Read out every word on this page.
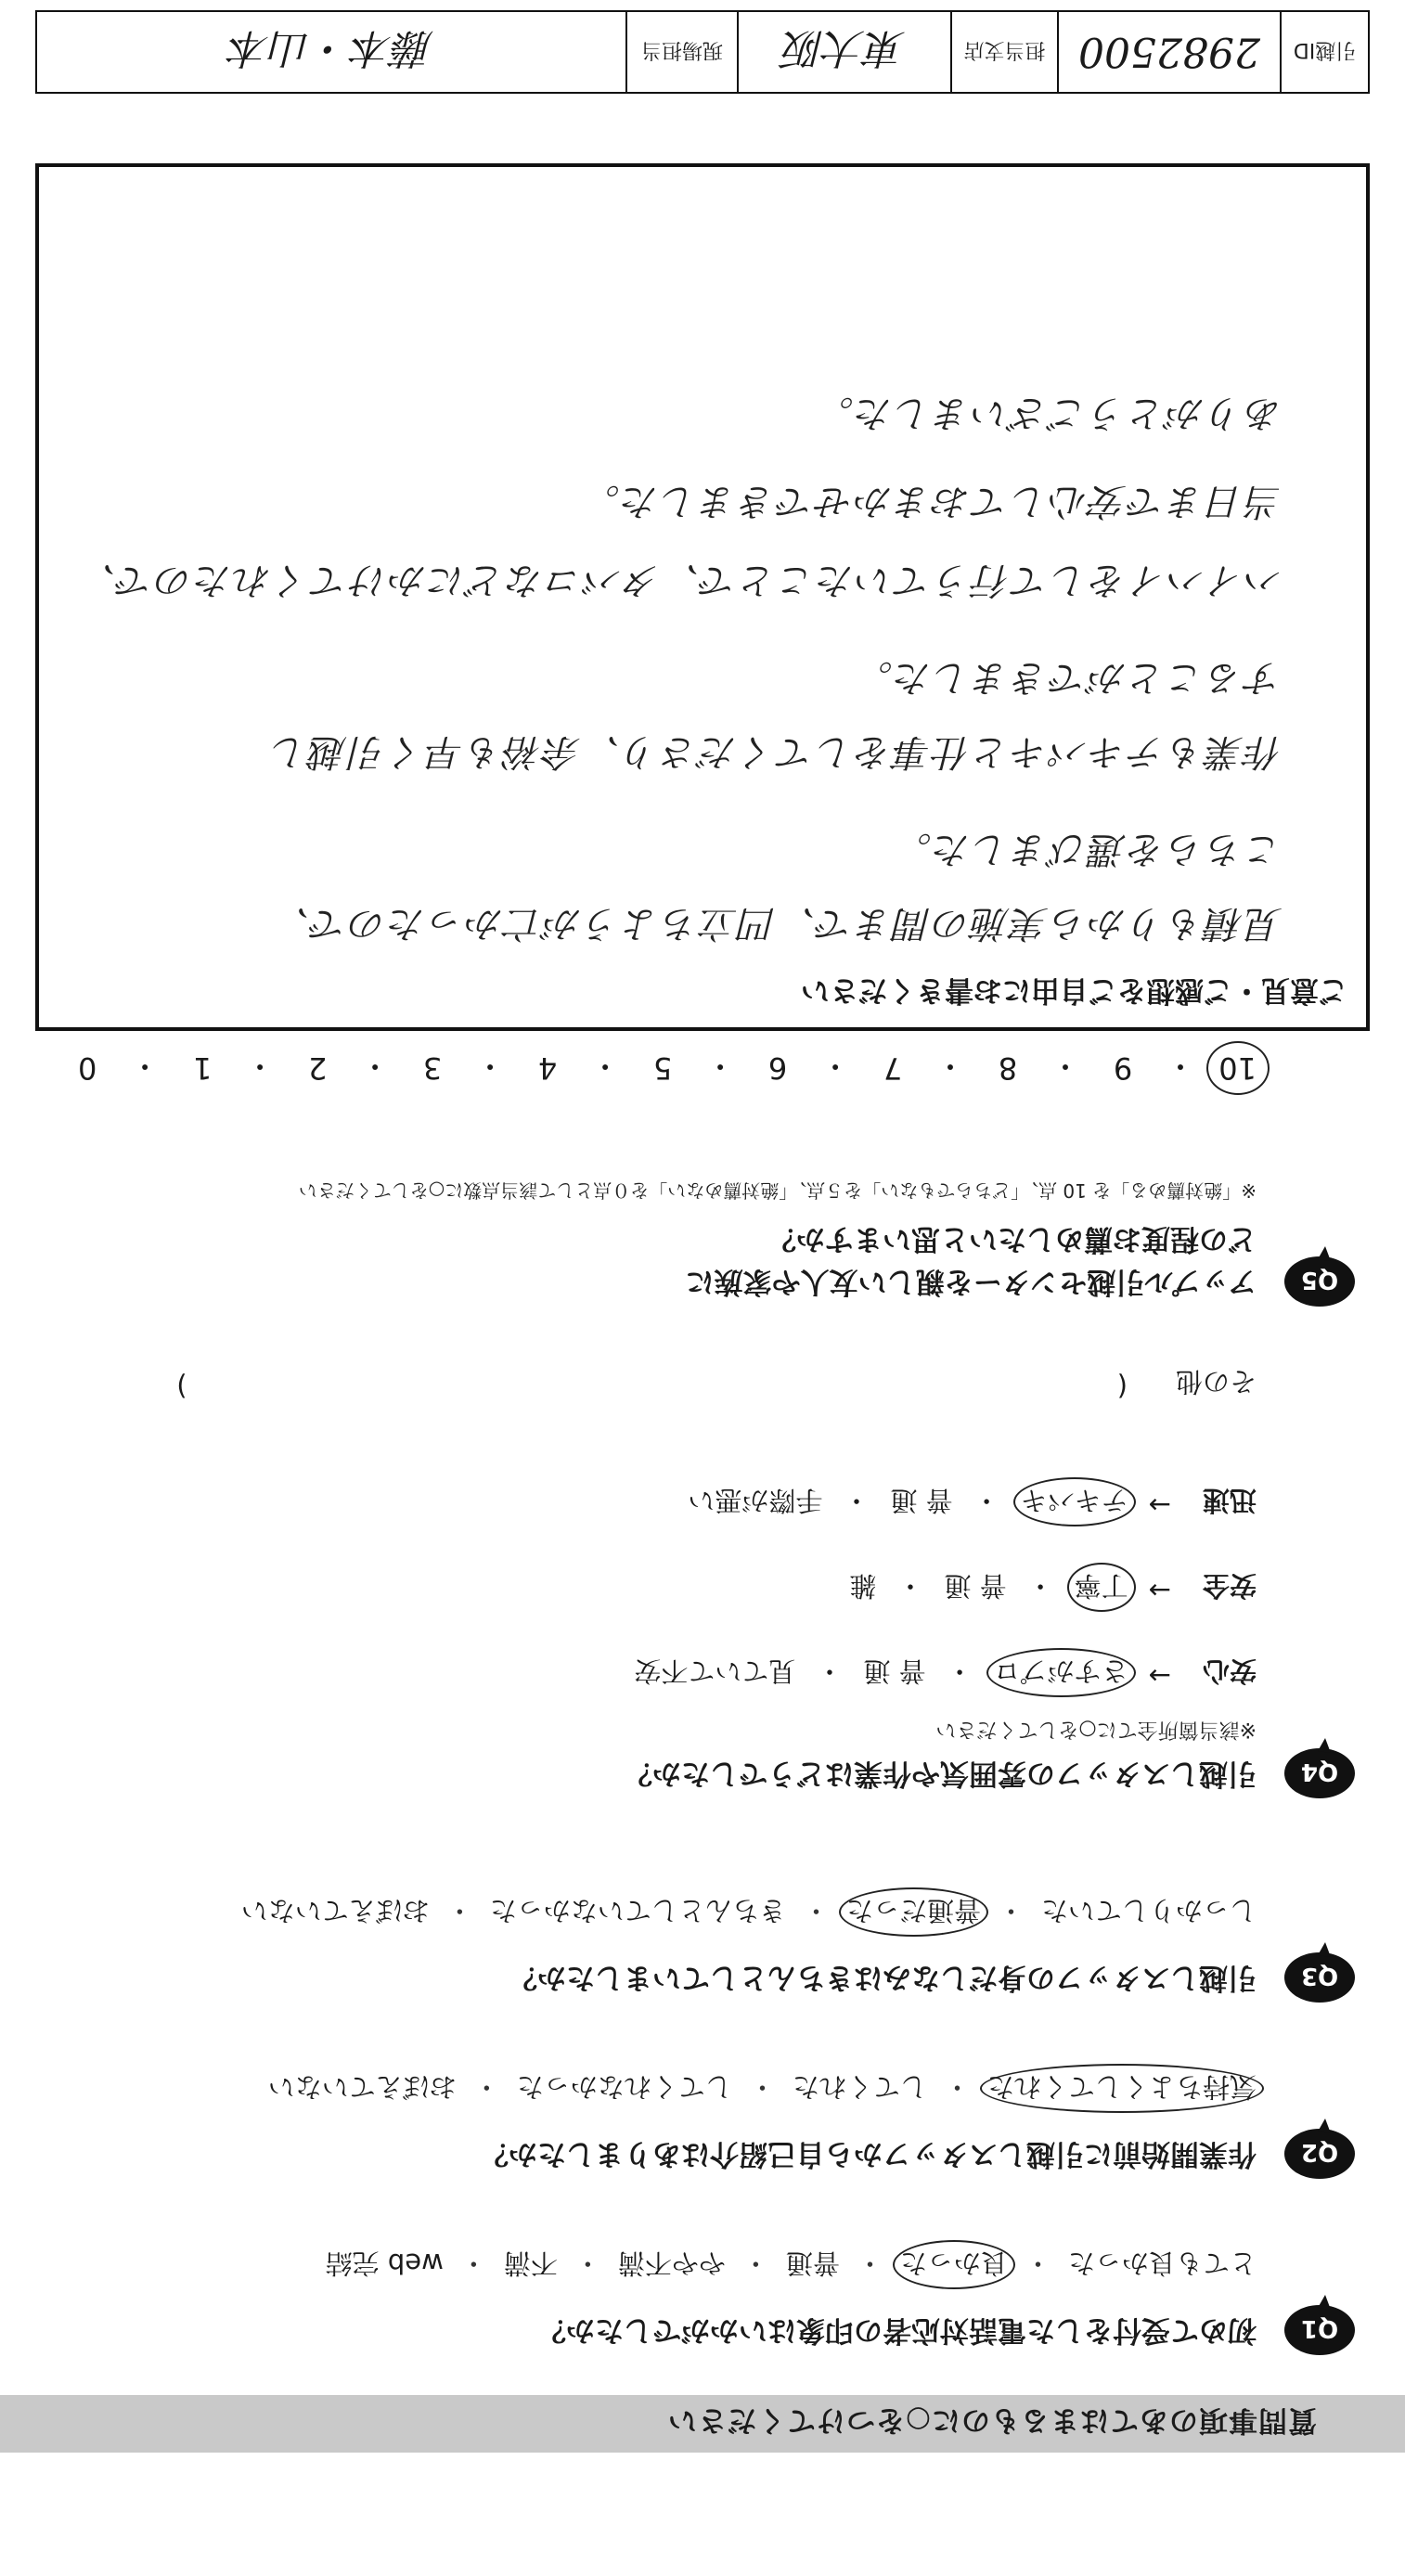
質問事項のあてはまるものに○をつけてください
Q1
初めて受付をした電話対応者の印象はいかがでしたか？
とても良かった
・
良かった
・
普通
・
やや不満
・
不満
・
web 完結
Q2
作業開始前に引越しスタッフから自己紹介はありましたか？
気持ちよくしてくれた
・
してくれた
・
してくれなかった
・
おぼえていない
Q3
引越しスタッフの身だしなみはきちんとしていましたか？
しっかりしていた
・
普通だった
・
きちんとしていなかった
・
おぼえていない
Q4
引越しスタッフの雰囲気や作業はどうでしたか？
※該当箇所全てに○をしてください
安心
→
さすがプロ
・
普 通
・
見ていて不安
安全
→
丁寧
・
普 通
・
雑
迅速
→
テキパキ
・
普 通
・
手際が悪い
その他
(
)
Q5
アップル引越センターを親しい友人や家族に
どの程度お薦めしたいと思いますか？
※「絶対薦める」を 10 点、「どちらでもない」を５点、「絶対薦めない」を０点として該当点数に○をしてください
10
・
9
・
8
・
7
・
6
・
5
・
4
・
3
・
2
・
1
・
0
ご意見・ご感想をご自由にお書きください
見積もりから実施の間まで、凹立ちようが亡かったので、
こちらを選びました。
作業もテキパキと仕事をしてくださり、余裕も早く引越し
することができました。
ハイハイをして行うていたことで、タバコなどにかけてくれたので、
当日まで安心しておまかせできました。
ありがとうございました。
引越ID
2982500
担当支店
東大阪
現場担当
藤本・山本
